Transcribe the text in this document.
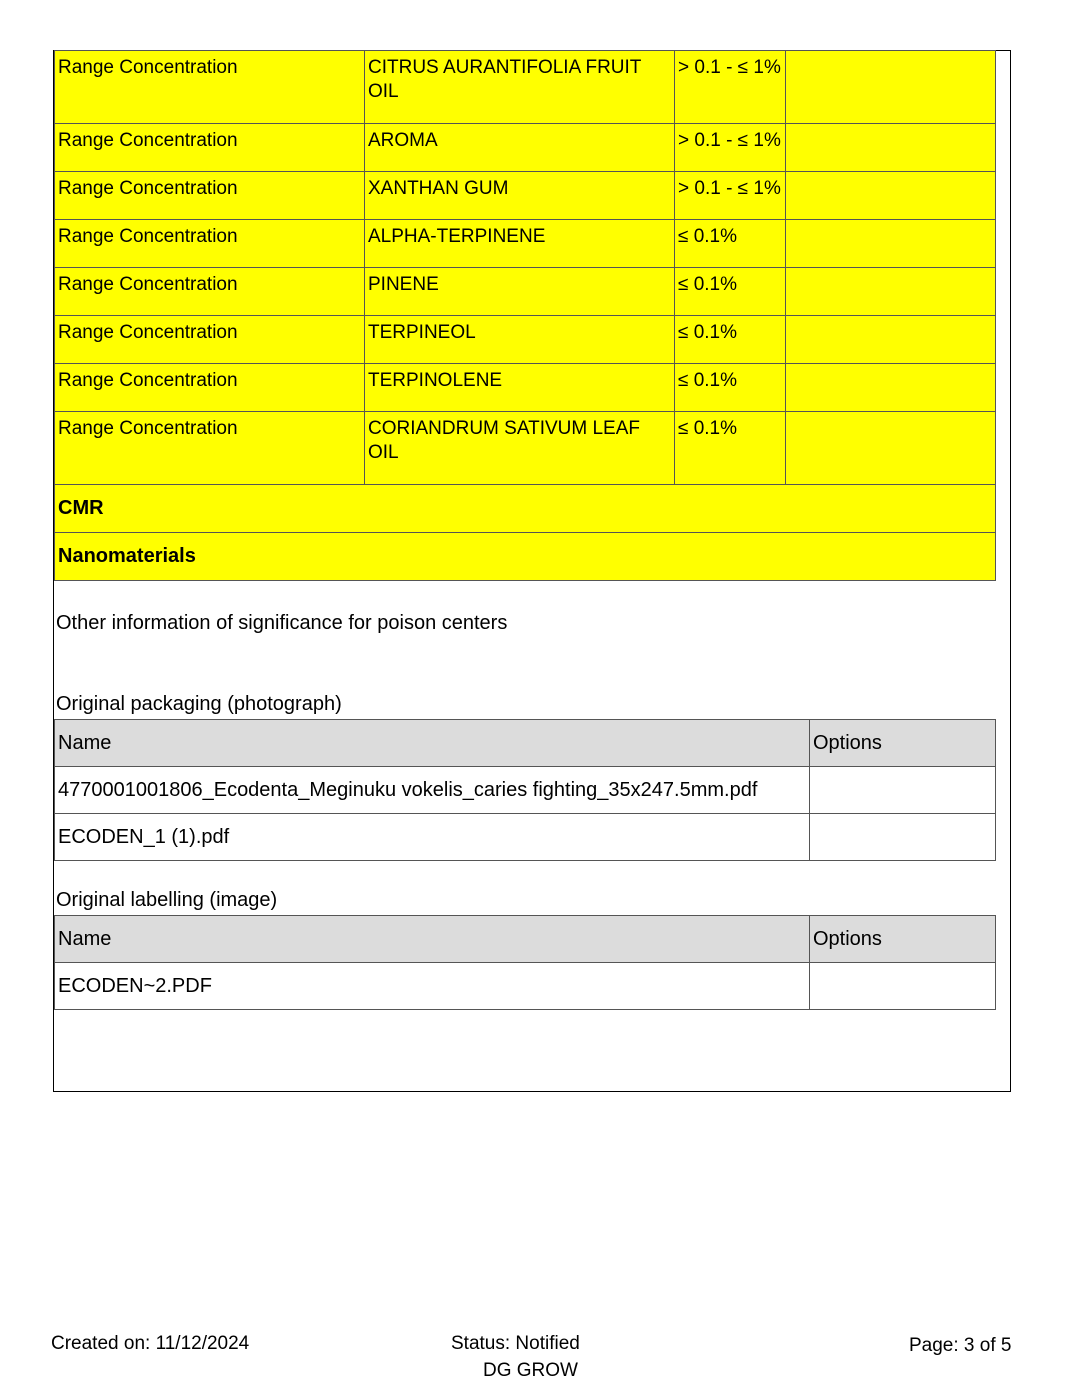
Range Concentration	CITRUS AURANTIFOLIA FRUIT OIL	> 0.1 - ≤ 1%	
Range Concentration	AROMA	> 0.1 - ≤ 1%	
Range Concentration	XANTHAN GUM	> 0.1 - ≤ 1%	
Range Concentration	ALPHA-TERPINENE	≤ 0.1%	
Range Concentration	PINENE	≤ 0.1%	
Range Concentration	TERPINEOL	≤ 0.1%	
Range Concentration	TERPINOLENE	≤ 0.1%	
Range Concentration	CORIANDRUM SATIVUM LEAF OIL	≤ 0.1%	
CMR			
Nanomaterials			
Other information of significance for poison centers
Original packaging (photograph)
Name	Options
4770001001806_Ecodenta_Meginuku vokelis_caries fighting_35x247.5mm.pdf	
ECODEN_1 (1).pdf	
Original labelling (image)
Name	Options
ECODEN~2.PDF	
Created on: 11/12/2024	Status: Notified
DG GROW
Page: 3 of 5
